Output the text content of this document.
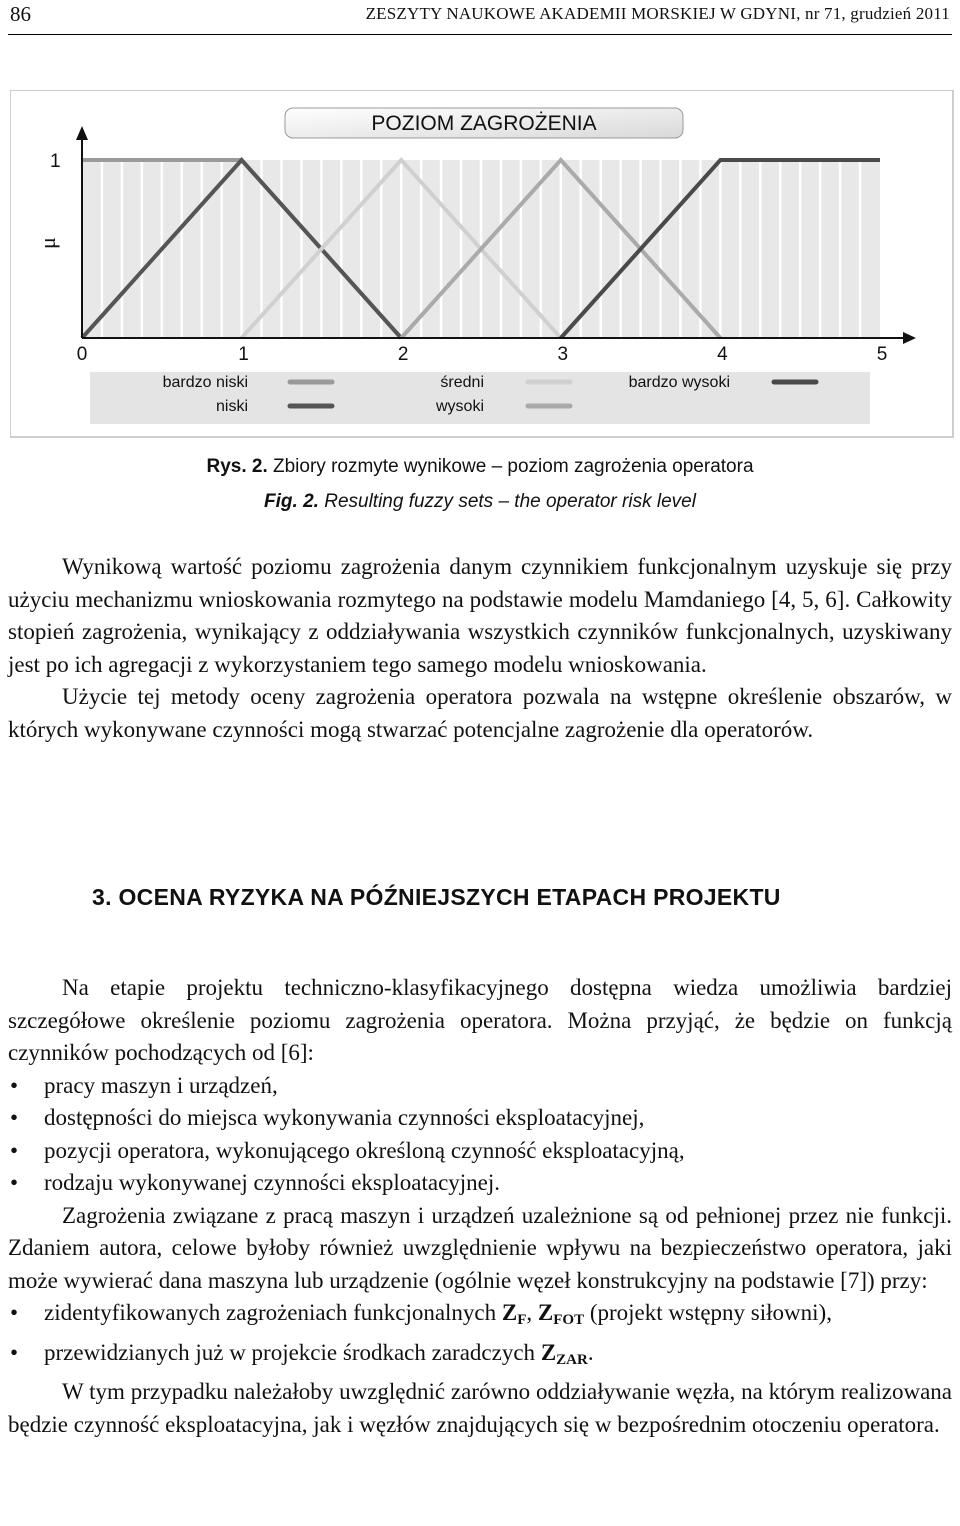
86	ZESZYTY NAUKOWE AKADEMII MORSKIEJ W GDYNI, nr 71, grudzień 2011
POZIOM ZAGROŻENIA
1
μ
0	1	2	3	4	5
bardzo niski
niski
średni
wysoki
bardzo wysoki
Rys. 2. Zbiory rozmyte wynikowe – poziom zagrożenia operatora
Fig. 2. Resulting fuzzy sets – the operator risk level

Wynikową wartość poziomu zagrożenia danym czynnikiem funkcjonalnym uzyskuje się przy użyciu mechanizmu wnioskowania rozmytego na podstawie modelu Mamdaniego [4, 5, 6]. Całkowity stopień zagrożenia, wynikający z oddziaływania wszystkich czynników funkcjonalnych, uzyskiwany jest po ich agregacji z wykorzystaniem tego samego modelu wnioskowania.

Użycie tej metody oceny zagrożenia operatora pozwala na wstępne określenie obszarów, w których wykonywane czynności mogą stwarzać potencjalne zagrożenie dla operatorów.

3. OCENA RYZYKA NA PÓŹNIEJSZYCH ETAPACH PROJEKTU

Na etapie projektu techniczno-klasyfikacyjnego dostępna wiedza umożliwia bardziej szczegółowe określenie poziomu zagrożenia operatora. Można przyjąć, że będzie on funkcją czynników pochodzących od [6]:

• pracy maszyn i urządzeń,
• dostępności do miejsca wykonywania czynności eksploatacyjnej,
• pozycji operatora, wykonującego określoną czynność eksploatacyjną,
• rodzaju wykonywanej czynności eksploatacyjnej.

Zagrożenia związane z pracą maszyn i urządzeń uzależnione są od pełnionej przez nie funkcji. Zdaniem autora, celowe byłoby również uwzględnienie wpływu na bezpieczeństwo operatora, jaki może wywierać dana maszyna lub urządzenie (ogólnie węzeł konstrukcyjny na podstawie [7]) przy:

• zidentyfikowanych zagrożeniach funkcjonalnych $Z_F$, $Z_{FOT}$ (projekt wstępny siłowni),
• przewidzianych już w projekcie środkach zaradczych $Z_{ZAR}$.

W tym przypadku należałoby uwzględnić zarówno oddziaływanie węzła, na którym realizowana będzie czynność eksploatacyjna, jak i węzłów znajdujących się w bezpośrednim otoczeniu operatora.
